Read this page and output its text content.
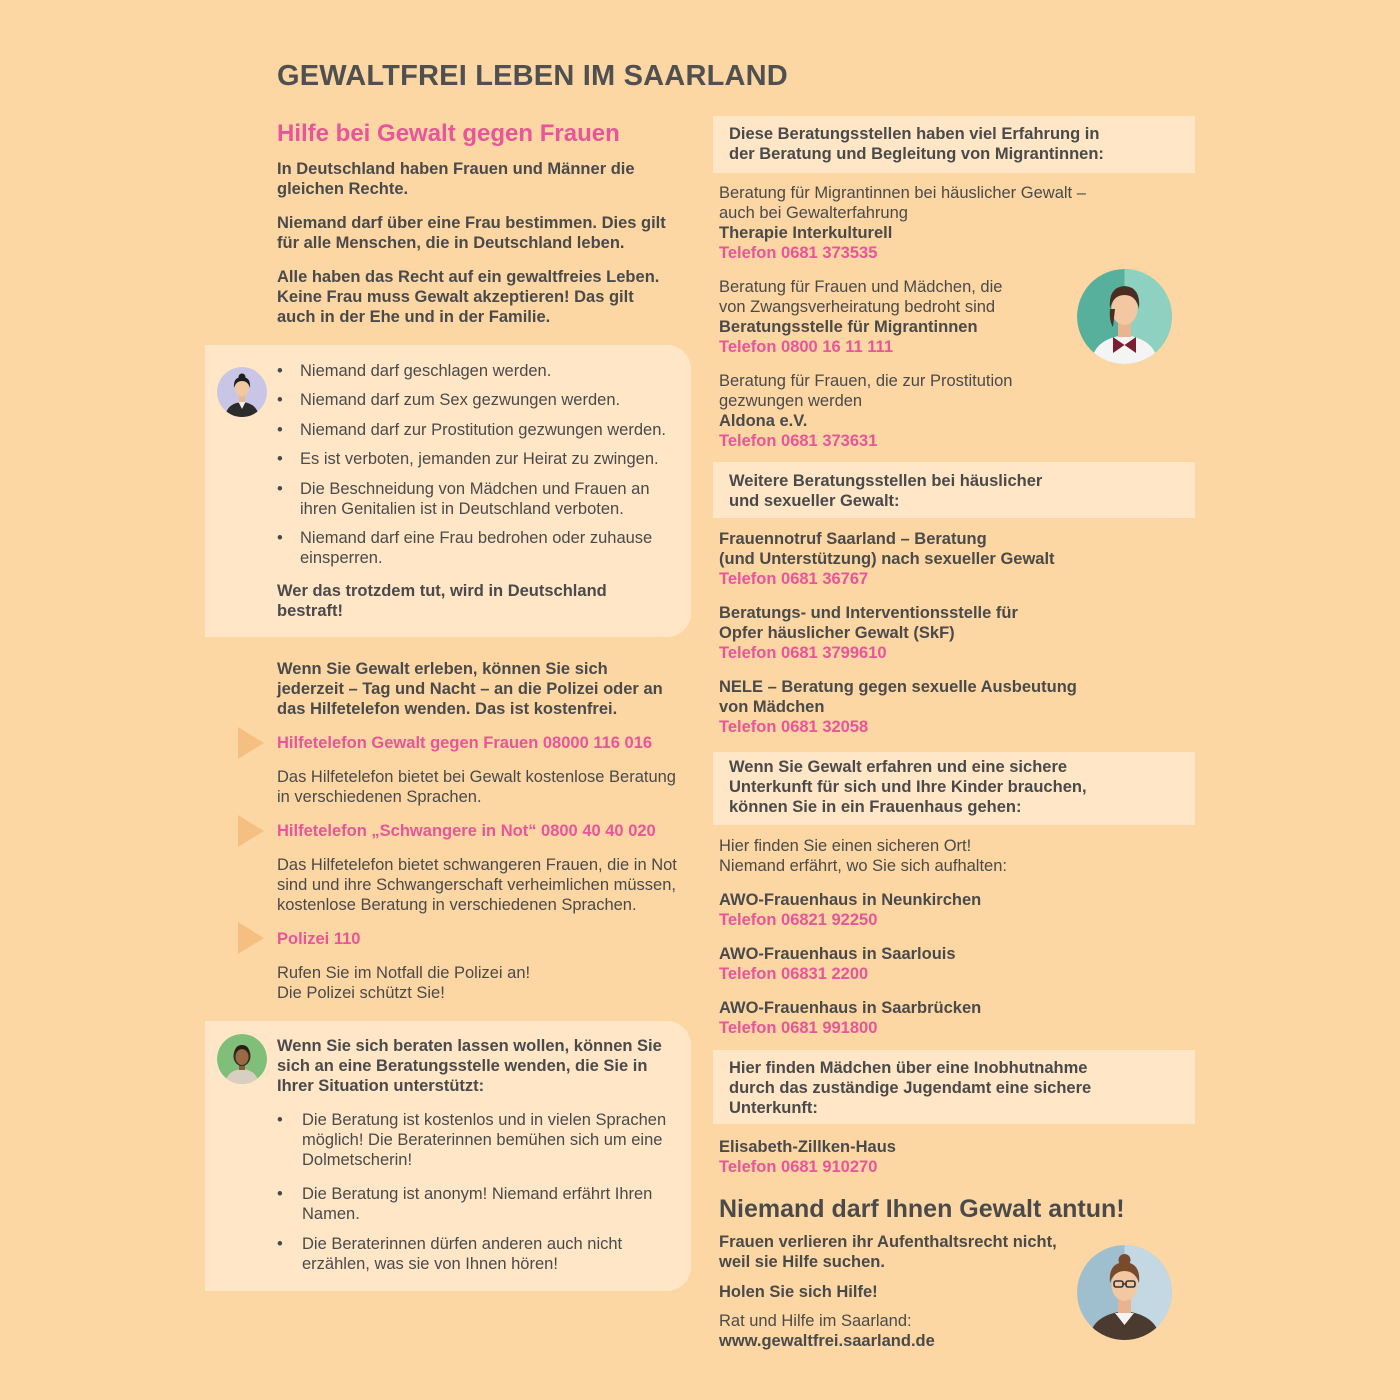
GEWALTFREI LEBEN IM SAARLAND
Hilfe bei Gewalt gegen Frauen
In Deutschland haben Frauen und Männer die
gleichen Rechte.
Niemand darf über eine Frau bestimmen. Dies gilt
für alle Menschen, die in Deutschland leben.
Alle haben das Recht auf ein gewaltfreies Leben.
Keine Frau muss Gewalt akzeptieren! Das gilt
auch in der Ehe und in der Familie.
• Niemand darf geschlagen werden.
• Niemand darf zum Sex gezwungen werden.
• Niemand darf zur Prostitution gezwungen werden.
• Es ist verboten, jemanden zur Heirat zu zwingen.
• Die Beschneidung von Mädchen und Frauen an
ihren Genitalien ist in Deutschland verboten.
• Niemand darf eine Frau bedrohen oder zuhause
einsperren.
Wer das trotzdem tut, wird in Deutschland
bestraft!
Wenn Sie Gewalt erleben, können Sie sich
jederzeit – Tag und Nacht – an die Polizei oder an
das Hilfetelefon wenden. Das ist kostenfrei.
Hilfetelefon Gewalt gegen Frauen 08000 116 016
Das Hilfetelefon bietet bei Gewalt kostenlose Beratung
in verschiedenen Sprachen.
Hilfetelefon „Schwangere in Not“ 0800 40 40 020
Das Hilfetelefon bietet schwangeren Frauen, die in Not
sind und ihre Schwangerschaft verheimlichen müssen,
kostenlose Beratung in verschiedenen Sprachen.
Polizei 110
Rufen Sie im Notfall die Polizei an!
Die Polizei schützt Sie!
Wenn Sie sich beraten lassen wollen, können Sie
sich an eine Beratungsstelle wenden, die Sie in
Ihrer Situation unterstützt:
• Die Beratung ist kostenlos und in vielen Sprachen
möglich! Die Beraterinnen bemühen sich um eine
Dolmetscherin!
• Die Beratung ist anonym! Niemand erfährt Ihren
Namen.
• Die Beraterinnen dürfen anderen auch nicht
erzählen, was sie von Ihnen hören!
Diese Beratungsstellen haben viel Erfahrung in
der Beratung und Begleitung von Migrantinnen:
Beratung für Migrantinnen bei häuslicher Gewalt –
auch bei Gewalterfahrung
Therapie Interkulturell
Telefon 0681 373535
Beratung für Frauen und Mädchen, die
von Zwangsverheiratung bedroht sind
Beratungsstelle für Migrantinnen
Telefon 0800 16 11 111
Beratung für Frauen, die zur Prostitution
gezwungen werden
Aldona e.V.
Telefon 0681 373631
Weitere Beratungsstellen bei häuslicher
und sexueller Gewalt:
Frauennotruf Saarland – Beratung
(und Unterstützung) nach sexueller Gewalt
Telefon 0681 36767
Beratungs- und Interventionsstelle für
Opfer häuslicher Gewalt (SkF)
Telefon 0681 3799610
NELE – Beratung gegen sexuelle Ausbeutung
von Mädchen
Telefon 0681 32058
Wenn Sie Gewalt erfahren und eine sichere
Unterkunft für sich und Ihre Kinder brauchen,
können Sie in ein Frauenhaus gehen:
Hier finden Sie einen sicheren Ort!
Niemand erfährt, wo Sie sich aufhalten:
AWO-Frauenhaus in Neunkirchen
Telefon 06821 92250
AWO-Frauenhaus in Saarlouis
Telefon 06831 2200
AWO-Frauenhaus in Saarbrücken
Telefon 0681 991800
Hier finden Mädchen über eine Inobhutnahme
durch das zuständige Jugendamt eine sichere
Unterkunft:
Elisabeth-Zillken-Haus
Telefon 0681 910270
Niemand darf Ihnen Gewalt antun!
Frauen verlieren ihr Aufenthaltsrecht nicht,
weil sie Hilfe suchen.
Holen Sie sich Hilfe!
Rat und Hilfe im Saarland:
www.gewaltfrei.saarland.de
